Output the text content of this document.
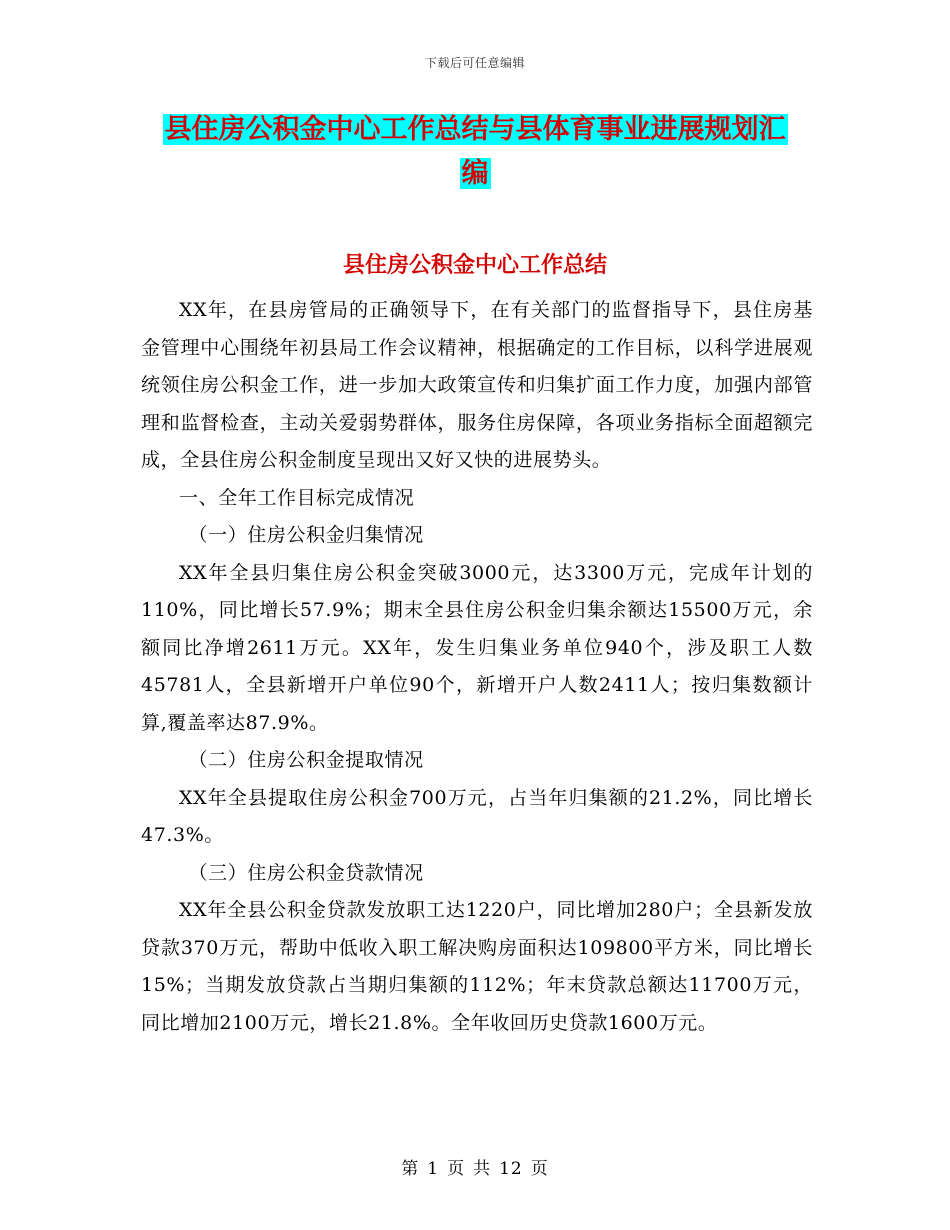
下载后可任意编辑
县住房公积金中心工作总结与县体育事业进展规划汇
编
县住房公积金中心工作总结

XX年，在县房管局的正确领导下，在有关部门的监督指导下，县住房基金管理中心围绕年初县局工作会议精神，根据确定的工作目标，以科学进展观统领住房公积金工作，进一步加大政策宣传和归集扩面工作力度，加强内部管理和监督检查，主动关爱弱势群体，服务住房保障，各项业务指标全面超额完成，全县住房公积金制度呈现出又好又快的进展势头。

一、全年工作目标完成情况

（一）住房公积金归集情况

XX年全县归集住房公积金突破3000元，达3300万元，完成年计划的110%，同比增长57.9%；期末全县住房公积金归集余额达15500万元，余额同比净增2611万元。XX年，发生归集业务单位940个，涉及职工人数45781人，全县新增开户单位90个，新增开户人数2411人；按归集数额计算,覆盖率达87.9%。

（二）住房公积金提取情况

XX年全县提取住房公积金700万元，占当年归集额的21.2%，同比增长47.3%。

（三）住房公积金贷款情况

XX年全县公积金贷款发放职工达1220户，同比增加280户；全县新发放贷款370万元，帮助中低收入职工解决购房面积达109800平方米，同比增长15%；当期发放贷款占当期归集额的112%；年末贷款总额达11700万元，同比增加2100万元，增长21.8%。全年收回历史贷款1600万元。

第 1 页 共 12 页
